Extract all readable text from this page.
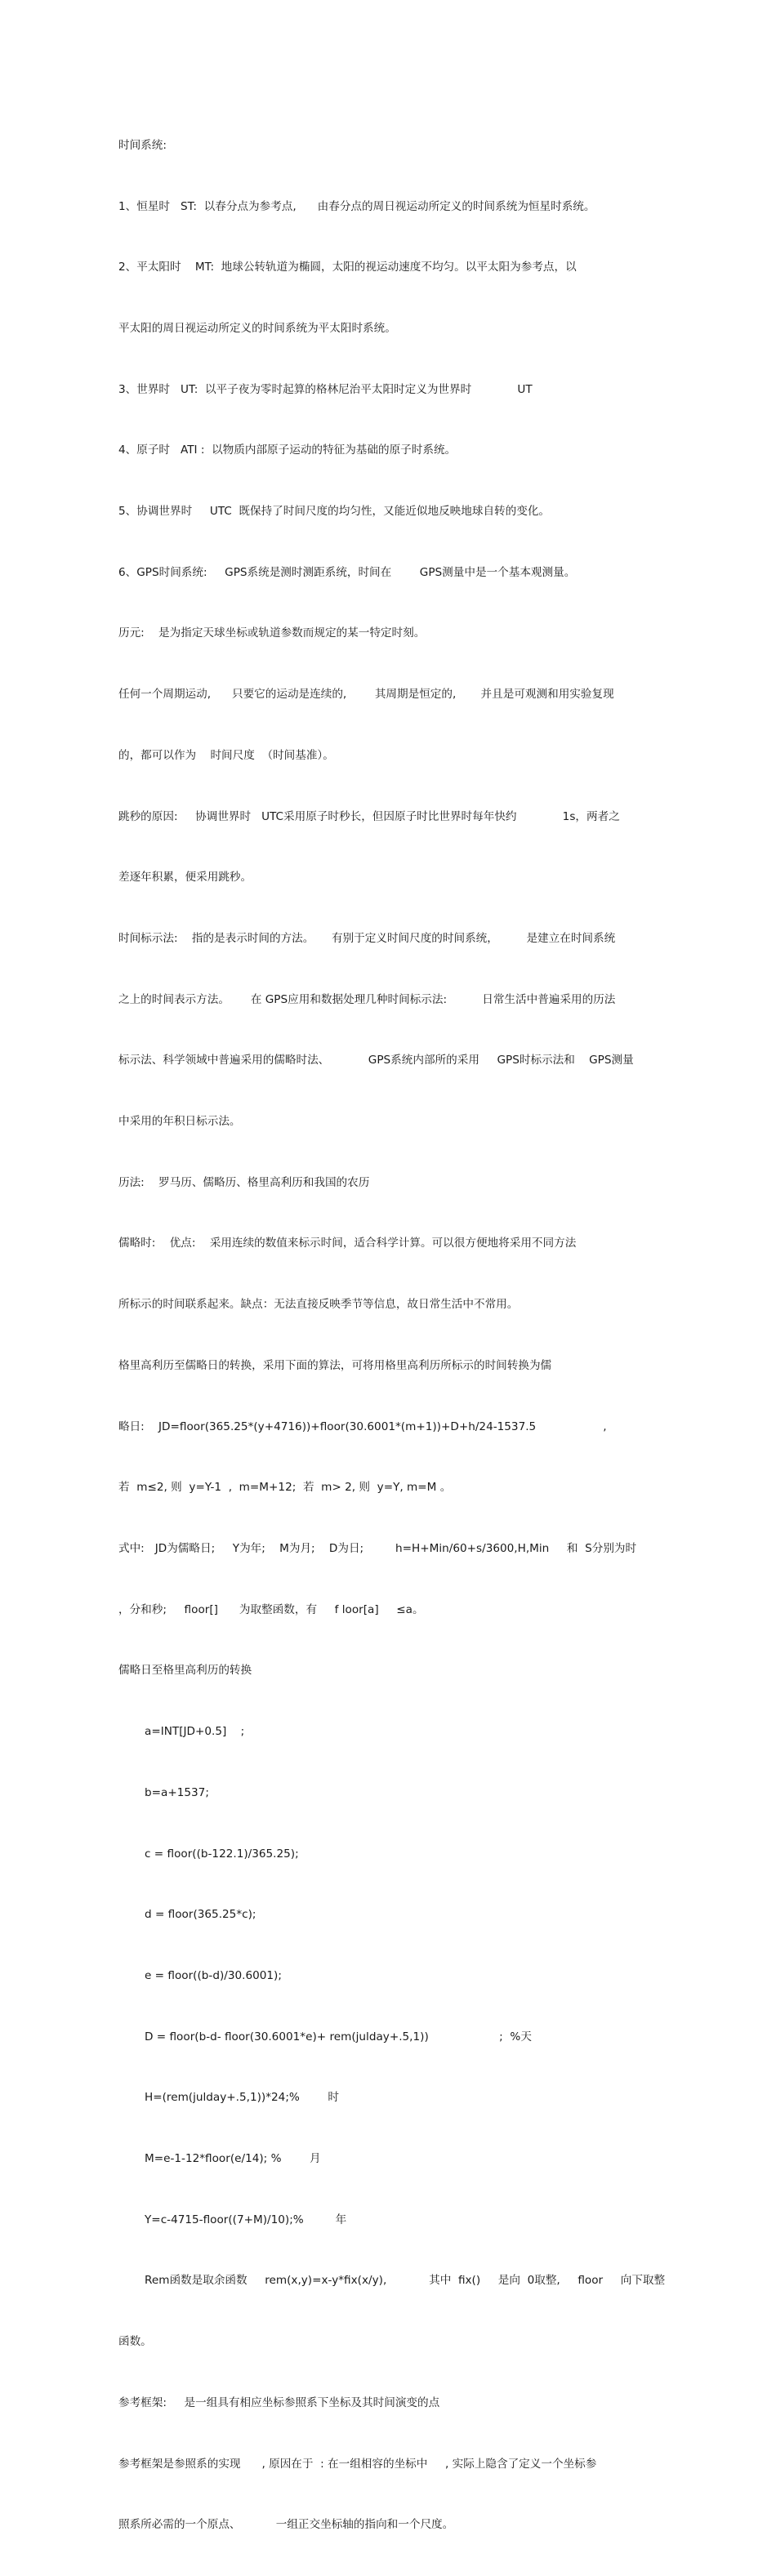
时间系统:

1、恒星时   ST:  以春分点为参考点,      由春分点的周日视运动所定义的时间系统为恒星时系统。

2、平太阳时    MT:  地球公转轨道为椭圆，太阳的视运动速度不均匀。以平太阳为参考点，以

平太阳的周日视运动所定义的时间系统为平太阳时系统。

3、世界时   UT:  以平子夜为零时起算的格林尼治平太阳时定义为世界时             UT

4、原子时   ATI :  以物质内部原子运动的特征为基础的原子时系统。

5、协调世界时     UTC  既保持了时间尺度的均匀性，又能近似地反映地球自转的变化。

6、GPS时间系统:     GPS系统是测时测距系统，时间在        GPS测量中是一个基本观测量。

历元:    是为指定天球坐标或轨道参数而规定的某一特定时刻。

任何一个周期运动,      只要它的运动是连续的,        其周期是恒定的,       并且是可观测和用实验复现

的，都可以作为    时间尺度  （时间基准）。

跳秒的原因:     协调世界时   UTC采用原子时秒长，但因原子时比世界时每年快约             1s，两者之

差逐年积累，便采用跳秒。

时间标示法:    指的是表示时间的方法。     有别于定义时间尺度的时间系统，        是建立在时间系统

之上的时间表示方法。      在 GPS应用和数据处理几种时间标示法:          日常生活中普遍采用的历法

标示法、科学领域中普遍采用的儒略时法、           GPS系统内部所的采用     GPS时标示法和    GPS测量

中采用的年积日标示法。

历法:    罗马历、儒略历、格里高利历和我国的农历

儒略时:    优点:    采用连续的数值来标示时间，适合科学计算。可以很方便地将采用不同方法

所标示的时间联系起来。缺点：无法直接反映季节等信息，故日常生活中不常用。

格里高利历至儒略日的转换，采用下面的算法，可将用格里高利历所标示的时间转换为儒

略日:    JD=floor(365.25*(y+4716))+floor(30.6001*(m+1))+D+h/24-1537.5                   ,

若  m≤2, 则  y=Y-1  ,  m=M+12;  若  m> 2, 则  y=Y, m=M 。

式中:   JD为儒略日;     Y为年;    M为月;    D为日;         h=H+Min/60+s/3600,H,Min     和  S分别为时

，分和秒;     floor[]      为取整函数，有     f loor[a]     ≤a。

儒略日至格里高利历的转换

a=INT[JD+0.5]    ;

b=a+1537;

c = floor((b-122.1)/365.25);

d = floor(365.25*c);

e = floor((b-d)/30.6001);

D = floor(b-d- floor(30.6001*e)+ rem(julday+.5,1))                    ;  %天

H=(rem(julday+.5,1))*24;%        时

M=e-1-12*floor(e/14); %        月

Y=c-4715-floor((7+M)/10);%         年

Rem函数是取余函数     rem(x,y)=x-y*fix(x/y),            其中  fix()     是向  0取整,     floor     向下取整

函数。

参考框架:     是一组具有相应坐标参照系下坐标及其时间演变的点

参考框架是参照系的实现      , 原因在于  : 在一组相容的坐标中     , 实际上隐含了定义一个坐标参

照系所必需的一个原点、          一组正交坐标轴的指向和一个尺度。
